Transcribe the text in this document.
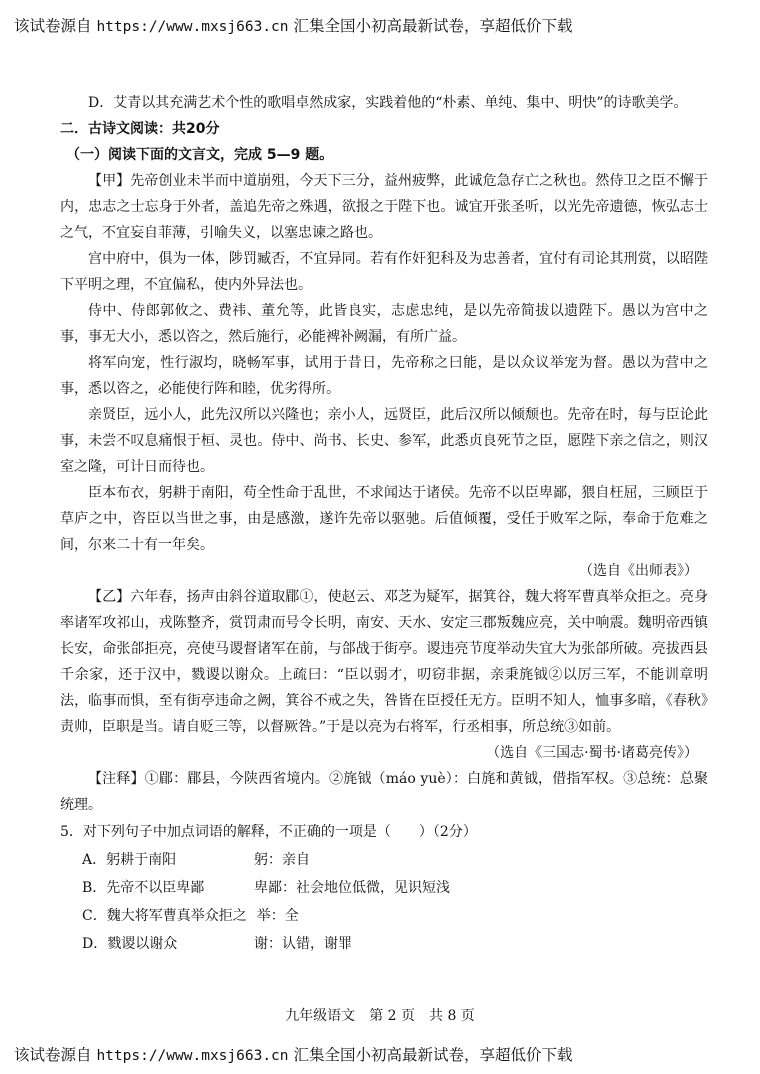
该试卷源自 https://www.mxsj663.cn 汇集全国小初高最新试卷，享超低价下载

D．艾青以其充满艺术个性的歌唱卓然成家，实践着他的“朴素、单纯、集中、明快”的诗歌美学。

二．古诗文阅读：共20分

（一）阅读下面的文言文，完成 5—9 题。

【甲】先帝创业未半而中道崩殂，今天下三分，益州疲弊，此诚危急存亡之秋也。然侍卫之臣不懈于内，忠志之士忘身于外者，盖追先帝之殊遇，欲报之于陛下也。诚宜开张圣听，以光先帝遗德，恢弘志士之气，不宜妄自菲薄，引喻失义，以塞忠谏之路也。

宫中府中，俱为一体，陟罚臧否，不宜异同。若有作奸犯科及为忠善者，宜付有司论其刑赏，以昭陛下平明之理，不宜偏私，使内外异法也。

侍中、侍郎郭攸之、费祎、董允等，此皆良实，志虑忠纯，是以先帝简拔以遗陛下。愚以为宫中之事，事无大小，悉以咨之，然后施行，必能裨补阙漏，有所广益。

将军向宠，性行淑均，晓畅军事，试用于昔日，先帝称之曰能，是以众议举宠为督。愚以为营中之事，悉以咨之，必能使行阵和睦，优劣得所。

亲贤臣，远小人，此先汉所以兴隆也；亲小人，远贤臣，此后汉所以倾颓也。先帝在时，每与臣论此事，未尝不叹息痛恨于桓、灵也。侍中、尚书、长史、参军，此悉贞良死节之臣，愿陛下亲之信之，则汉室之隆，可计日而待也。

臣本布衣，躬耕于南阳，苟全性命于乱世，不求闻达于诸侯。先帝不以臣卑鄙，猥自枉屈，三顾臣于草庐之中，咨臣以当世之事，由是感激，遂许先帝以驱驰。后值倾覆，受任于败军之际，奉命于危难之间，尔来二十有一年矣。

（选自《出师表》）

【乙】六年春，扬声由斜谷道取郿①，使赵云、邓芝为疑军，据箕谷，魏大将军曹真举众拒之。亮身率诸军攻祁山，戎陈整齐，赏罚肃而号令长明，南安、天水、安定三郡叛魏应亮，关中响震。魏明帝西镇长安，命张郃拒亮，亮使马谡督诸军在前，与郃战于街亭。谡违亮节度举动失宜大为张郃所破。亮拔西县千余家，还于汉中，戮谡以谢众。上疏曰：“臣以弱才，叨窃非据，亲秉旄钺②以厉三军，不能训章明法，临事而惧，至有街亭违命之阙，箕谷不戒之失，咎皆在臣授任无方。臣明不知人，恤事多暗，《春秋》责帅，臣职是当。请自贬三等，以督厥咎。”于是以亮为右将军，行丞相事，所总统③如前。

（选自《三国志·蜀书·诸葛亮传》）

【注释】①郿：郿县，今陕西省境内。②旄钺（máo yuè）：白旄和黄钺，借指军权。③总统：总聚统理。

5．对下列句子中加点词语的解释，不正确的一项是（　　）（2分）

A．躬耕于南阳	躬：亲自

B．先帝不以臣卑鄙	卑鄙：社会地位低微，见识短浅

C．魏大将军曹真举众拒之 举：全

D．戮谡以谢众	谢：认错，谢罪

九年级语文　第 2 页　共 8 页
该试卷源自 https://www.mxsj663.cn 汇集全国小初高最新试卷，享超低价下载
